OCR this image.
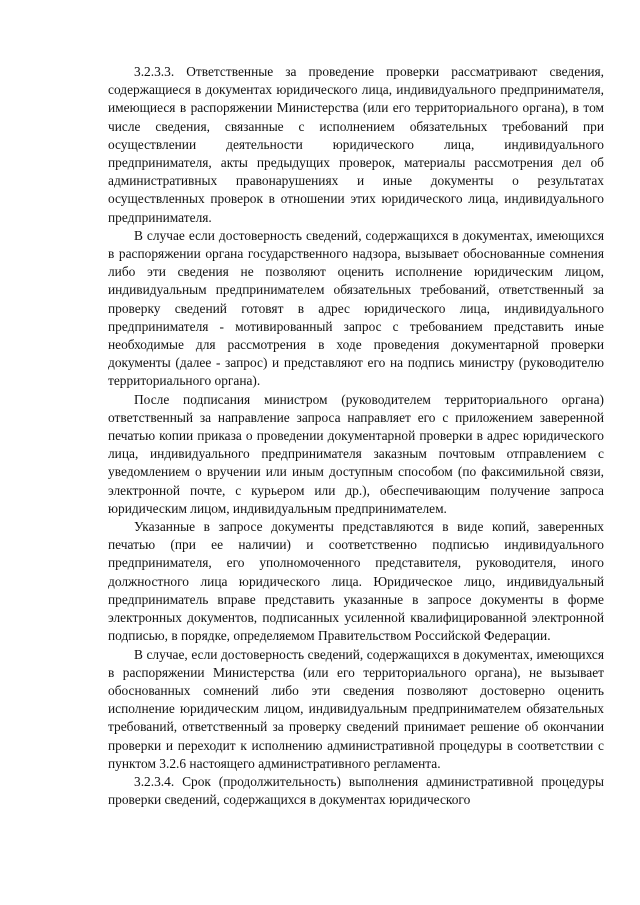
3.2.3.3. Ответственные за проведение проверки рассматривают сведения, содержащиеся в документах юридического лица, индивидуального предпринимателя, имеющиеся в распоряжении Министерства (или его территориального органа), в том числе сведения, связанные с исполнением обязательных требований при осуществлении деятельности юридического лица, индивидуального предпринимателя, акты предыдущих проверок, материалы рассмотрения дел об административных правонарушениях и иные документы о результатах осуществленных проверок в отношении этих юридического лица, индивидуального предпринимателя.

В случае если достоверность сведений, содержащихся в документах, имеющихся в распоряжении органа государственного надзора, вызывает обоснованные сомнения либо эти сведения не позволяют оценить исполнение юридическим лицом, индивидуальным предпринимателем обязательных требований, ответственный за проверку сведений готовят в адрес юридического лица, индивидуального предпринимателя - мотивированный запрос с требованием представить иные необходимые для рассмотрения в ходе проведения документарной проверки документы (далее - запрос) и представляют его на подпись министру (руководителю территориального органа).

После подписания министром (руководителем территориального органа) ответственный за направление запроса направляет его с приложением заверенной печатью копии приказа о проведении документарной проверки в адрес юридического лица, индивидуального предпринимателя заказным почтовым отправлением с уведомлением о вручении или иным доступным способом (по факсимильной связи, электронной почте, с курьером или др.), обеспечивающим получение запроса юридическим лицом, индивидуальным предпринимателем.

Указанные в запросе документы представляются в виде копий, заверенных печатью (при ее наличии) и соответственно подписью индивидуального предпринимателя, его уполномоченного представителя, руководителя, иного должностного лица юридического лица. Юридическое лицо, индивидуальный предприниматель вправе представить указанные в запросе документы в форме электронных документов, подписанных усиленной квалифицированной электронной подписью, в порядке, определяемом Правительством Российской Федерации.

В случае, если достоверность сведений, содержащихся в документах, имеющихся в распоряжении Министерства (или его территориального органа), не вызывает обоснованных сомнений либо эти сведения позволяют достоверно оценить исполнение юридическим лицом, индивидуальным предпринимателем обязательных требований, ответственный за проверку сведений принимает решение об окончании проверки и переходит к исполнению административной процедуры в соответствии с пунктом 3.2.6 настоящего административного регламента.

3.2.3.4. Срок (продолжительность) выполнения административной процедуры проверки сведений, содержащихся в документах юридического
